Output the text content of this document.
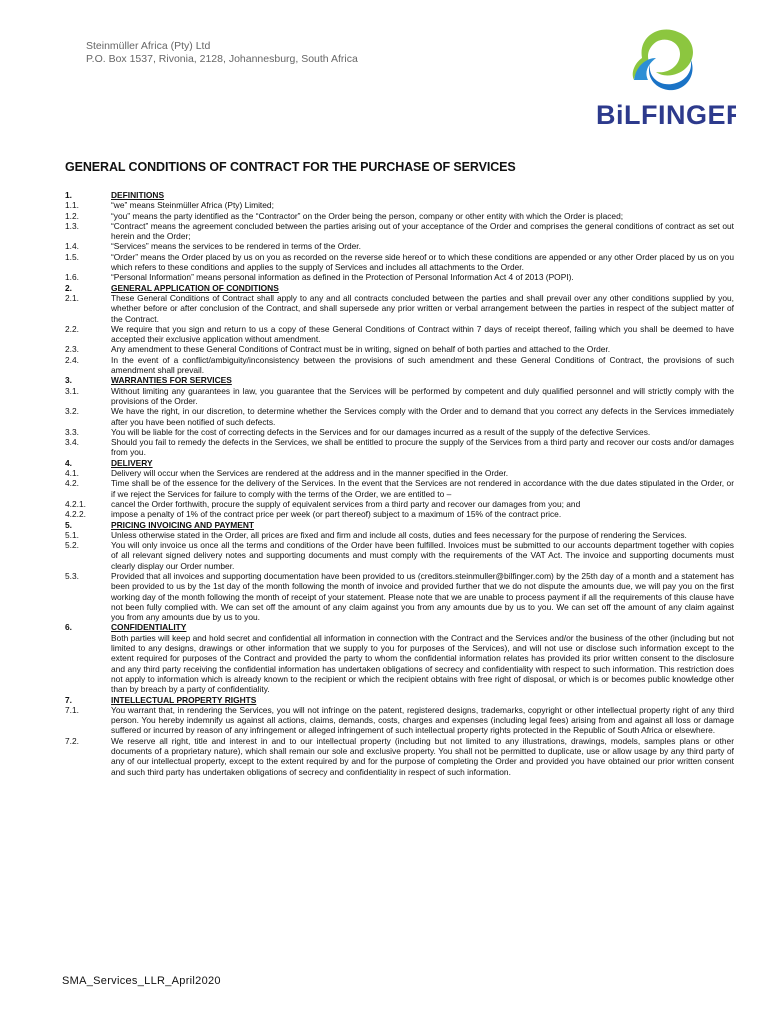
Steinmüller Africa (Pty) Ltd
P.O. Box 1537, Rivonia, 2128, Johannesburg, South Africa
BiLFINGER
GENERAL CONDITIONS OF CONTRACT FOR THE PURCHASE OF SERVICES
1.	DEFINITIONS
1.1.	“we” means Steinmüller Africa (Pty) Limited;
1.2.	“you” means the party identified as the “Contractor” on the Order being the person, company or other entity with which the Order is placed;
1.3.	“Contract” means the agreement concluded between the parties arising out of your acceptance of the Order and comprises the general conditions of contract as set out herein and the Order;
1.4.	“Services” means the services to be rendered in terms of the Order.
1.5.	“Order” means the Order placed by us on you as recorded on the reverse side hereof or to which these conditions are appended or any other Order placed by us on you which refers to these conditions and applies to the supply of Services and includes all attachments to the Order.
1.6.	“Personal Information” means personal information as defined in the Protection of Personal Information Act 4 of 2013 (POPI).
2.	GENERAL APPLICATION OF CONDITIONS
2.1.	These General Conditions of Contract shall apply to any and all contracts concluded between the parties and shall prevail over any other conditions supplied by you, whether before or after conclusion of the Contract, and shall supersede any prior written or verbal arrangement between the parties in respect of the subject matter of the Contract.
2.2.	We require that you sign and return to us a copy of these General Conditions of Contract within 7 days of receipt thereof, failing which you shall be deemed to have accepted their exclusive application without amendment.
2.3.	Any amendment to these General Conditions of Contract must be in writing, signed on behalf of both parties and attached to the Order.
2.4.	In the event of a conflict/ambiguity/inconsistency between the provisions of such amendment and these General Conditions of Contract, the provisions of such amendment shall prevail.
3.	WARRANTIES FOR SERVICES
3.1.	Without limiting any guarantees in law, you guarantee that the Services will be performed by competent and duly qualified personnel and will strictly comply with the provisions of the Order.
3.2.	We have the right, in our discretion, to determine whether the Services comply with the Order and to demand that you correct any defects in the Services immediately after you have been notified of such defects.
3.3.	You will be liable for the cost of correcting defects in the Services and for our damages incurred as a result of the supply of the defective Services.
3.4.	Should you fail to remedy the defects in the Services, we shall be entitled to procure the supply of the Services from a third party and recover our costs and/or damages from you.
4.	DELIVERY
4.1.	Delivery will occur when the Services are rendered at the address and in the manner specified in the Order.
4.2.	Time shall be of the essence for the delivery of the Services. In the event that the Services are not rendered in accordance with the due dates stipulated in the Order, or if we reject the Services for failure to comply with the terms of the Order, we are entitled to –
4.2.1.	cancel the Order forthwith, procure the supply of equivalent services from a third party and recover our damages from you; and
4.2.2.	impose a penalty of 1% of the contract price per week (or part thereof) subject to a maximum of 15% of the contract price.
5.	PRICING INVOICING AND PAYMENT
5.1.	Unless otherwise stated in the Order, all prices are fixed and firm and include all costs, duties and fees necessary for the purpose of rendering the Services.
5.2.	You will only invoice us once all the terms and conditions of the Order have been fulfilled. Invoices must be submitted to our accounts department together with copies of all relevant signed delivery notes and supporting documents and must comply with the requirements of the VAT Act. The invoice and supporting documents must clearly display our Order number.
5.3.	Provided that all invoices and supporting documentation have been provided to us (creditors.steinmuller@bilfinger.com) by the 25th day of a month and a statement has been provided to us by the 1st day of the month following the month of invoice and provided further that we do not dispute the amounts due, we will pay you on the first working day of the month following the month of receipt of your statement. Please note that we are unable to process payment if all the requirements of this clause have not been fully complied with. We can set off the amount of any claim against you from any amounts due by us to you. We can set off the amount of any claim against you from any amounts due by us to you.
6.	CONFIDENTIALITY
Both parties will keep and hold secret and confidential all information in connection with the Contract and the Services and/or the business of the other (including but not limited to any designs, drawings or other information that we supply to you for purposes of the Services), and will not use or disclose such information except to the extent required for purposes of the Contract and provided the party to whom the confidential information relates has provided its prior written consent to the disclosure and any third party receiving the confidential information has undertaken obligations of secrecy and confidentiality with respect to such information. This restriction does not apply to information which is already known to the recipient or which the recipient obtains with free right of disposal, or which is or becomes public knowledge other than by breach by a party of confidentiality.
7.	INTELLECTUAL PROPERTY RIGHTS
7.1.	You warrant that, in rendering the Services, you will not infringe on the patent, registered designs, trademarks, copyright or other intellectual property right of any third person. You hereby indemnify us against all actions, claims, demands, costs, charges and expenses (including legal fees) arising from and against all loss or damage suffered or incurred by reason of any infringement or alleged infringement of such intellectual property rights protected in the Republic of South Africa or elsewhere.
7.2.	We reserve all right, title and interest in and to our intellectual property (including but not limited to any illustrations, drawings, models, samples plans or other documents of a proprietary nature), which shall remain our sole and exclusive property. You shall not be permitted to duplicate, use or allow usage by any third party of any of our intellectual property, except to the extent required by and for the purpose of completing the Order and provided you have obtained our prior written consent and such third party has undertaken obligations of secrecy and confidentiality in respect of such information.
SMA_Services_LLR_April2020
